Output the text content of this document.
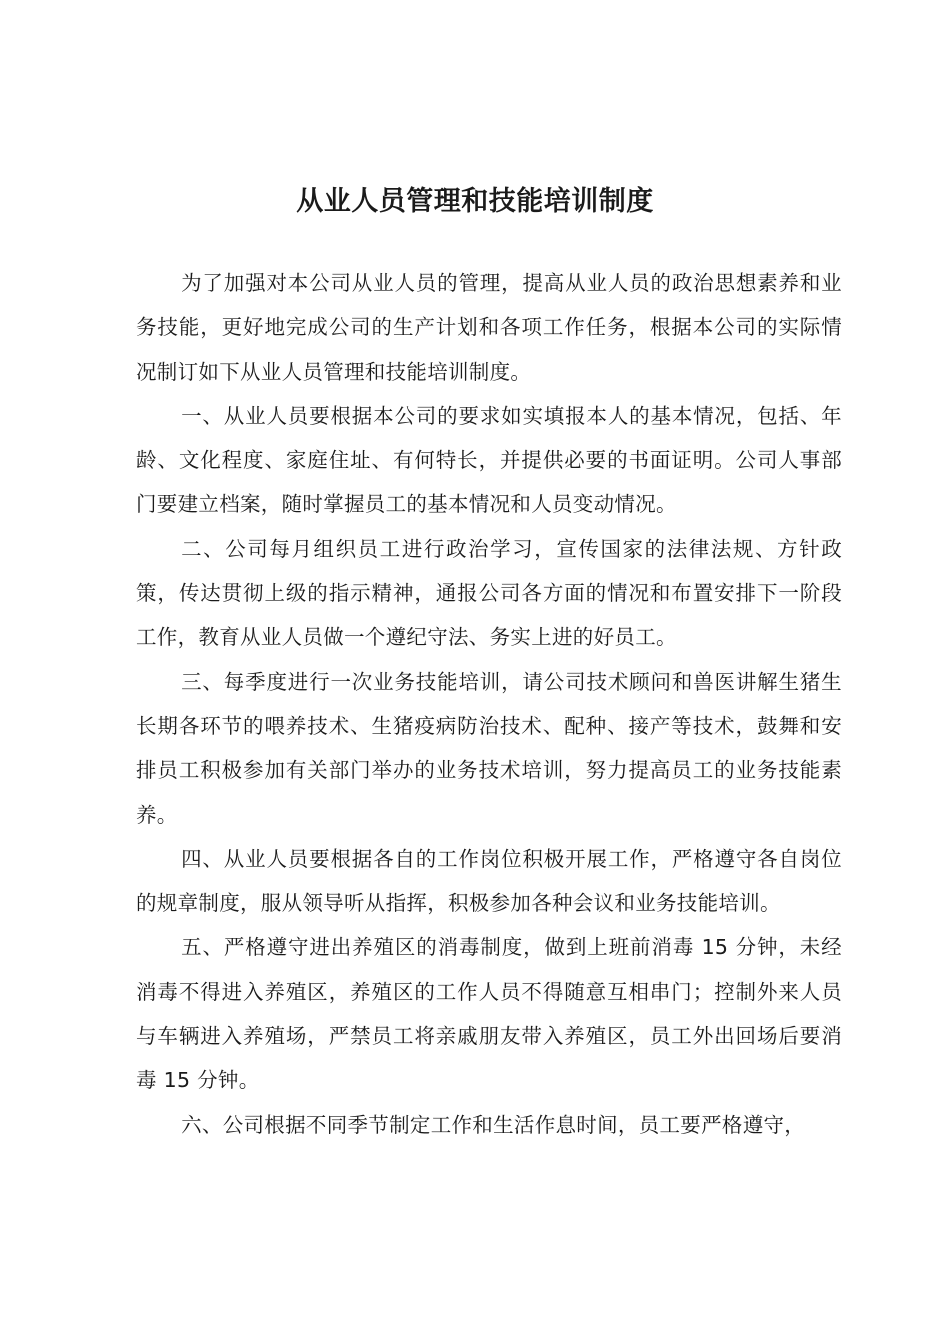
从业人员管理和技能培训制度

为了加强对本公司从业人员的管理，提高从业人员的政治思想素养和业务技能，更好地完成公司的生产计划和各项工作任务，根据本公司的实际情况制订如下从业人员管理和技能培训制度。

一、从业人员要根据本公司的要求如实填报本人的基本情况，包括、年龄、文化程度、家庭住址、有何特长，并提供必要的书面证明。公司人事部门要建立档案，随时掌握员工的基本情况和人员变动情况。

二、公司每月组织员工进行政治学习，宣传国家的法律法规、方针政策，传达贯彻上级的指示精神，通报公司各方面的情况和布置安排下一阶段工作，教育从业人员做一个遵纪守法、务实上进的好员工。

三、每季度进行一次业务技能培训，请公司技术顾问和兽医讲解生猪生长期各环节的喂养技术、生猪疫病防治技术、配种、接产等技术，鼓舞和安排员工积极参加有关部门举办的业务技术培训，努力提高员工的业务技能素养。

四、从业人员要根据各自的工作岗位积极开展工作，严格遵守各自岗位的规章制度，服从领导听从指挥，积极参加各种会议和业务技能培训。

五、严格遵守进出养殖区的消毒制度，做到上班前消毒 15 分钟，未经消毒不得进入养殖区，养殖区的工作人员不得随意互相串门；控制外来人员与车辆进入养殖场，严禁员工将亲戚朋友带入养殖区，员工外出回场后要消毒 15 分钟。

六、公司根据不同季节制定工作和生活作息时间，员工要严格遵守，
